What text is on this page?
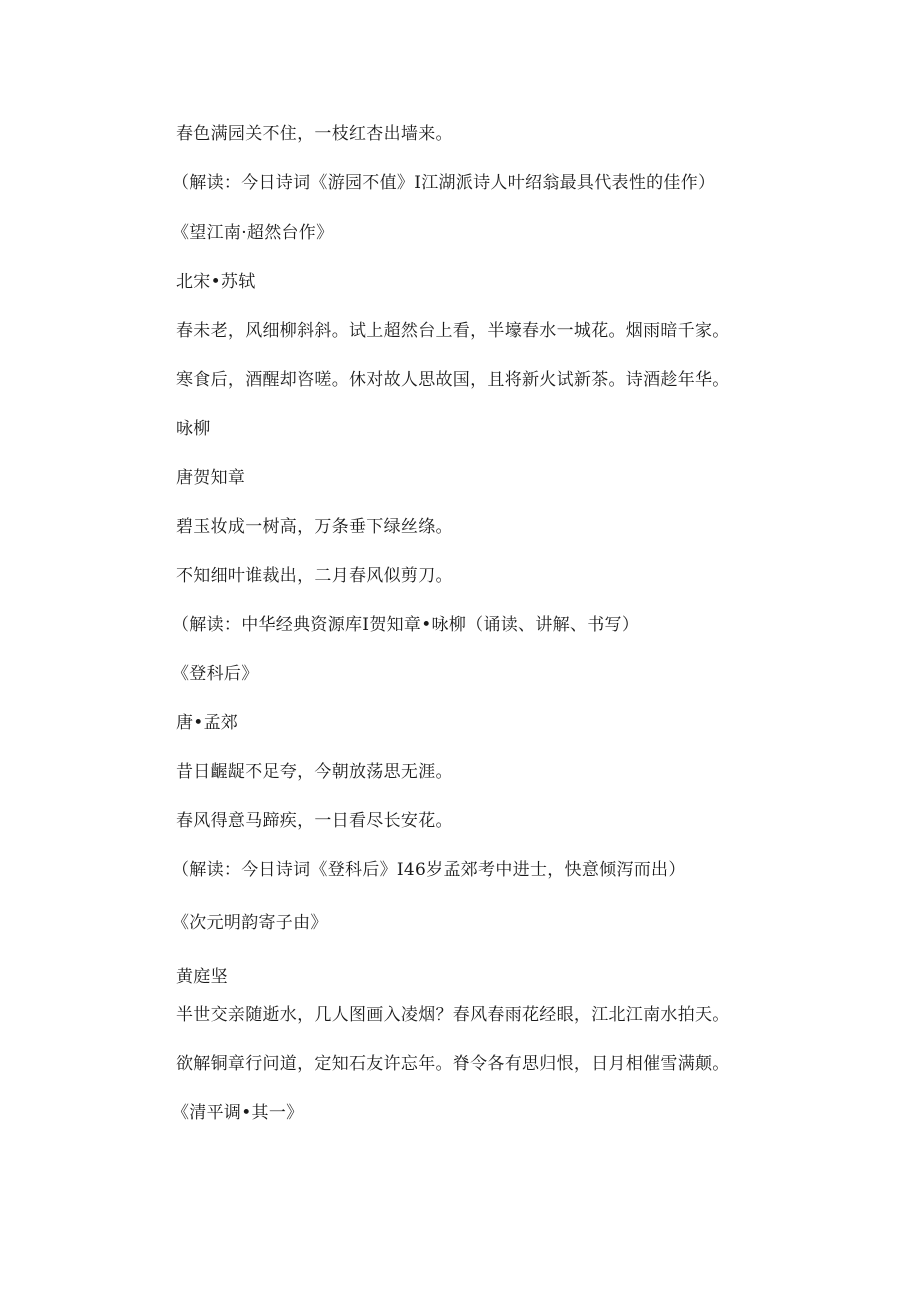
春色满园关不住，一枝红杏出墙来。
（解读：今日诗词《游园不值》I江湖派诗人叶绍翁最具代表性的佳作）
《望江南·超然台作》
北宋•苏轼
春未老，风细柳斜斜。试上超然台上看，半壕春水一城花。烟雨暗千家。
寒食后，酒醒却咨嗟。休对故人思故国，且将新火试新茶。诗酒趁年华。
咏柳
唐贺知章
碧玉妆成一树高，万条垂下绿丝绦。
不知细叶谁裁出，二月春风似剪刀。
（解读：中华经典资源库I贺知章•咏柳（诵读、讲解、书写）
《登科后》
唐•孟郊
昔日齷龊不足夸，今朝放荡思无涯。
春风得意马蹄疾，一日看尽长安花。
（解读：今日诗词《登科后》I46岁孟郊考中进士，快意倾泻而出）
《次元明韵寄子由》
黄庭坚
半世交亲随逝水，几人图画入凌烟？春风春雨花经眼，江北江南水拍天。
欲解铜章行问道，定知石友许忘年。脊令各有思归恨，日月相催雪满颠。
《清平调•其一》
